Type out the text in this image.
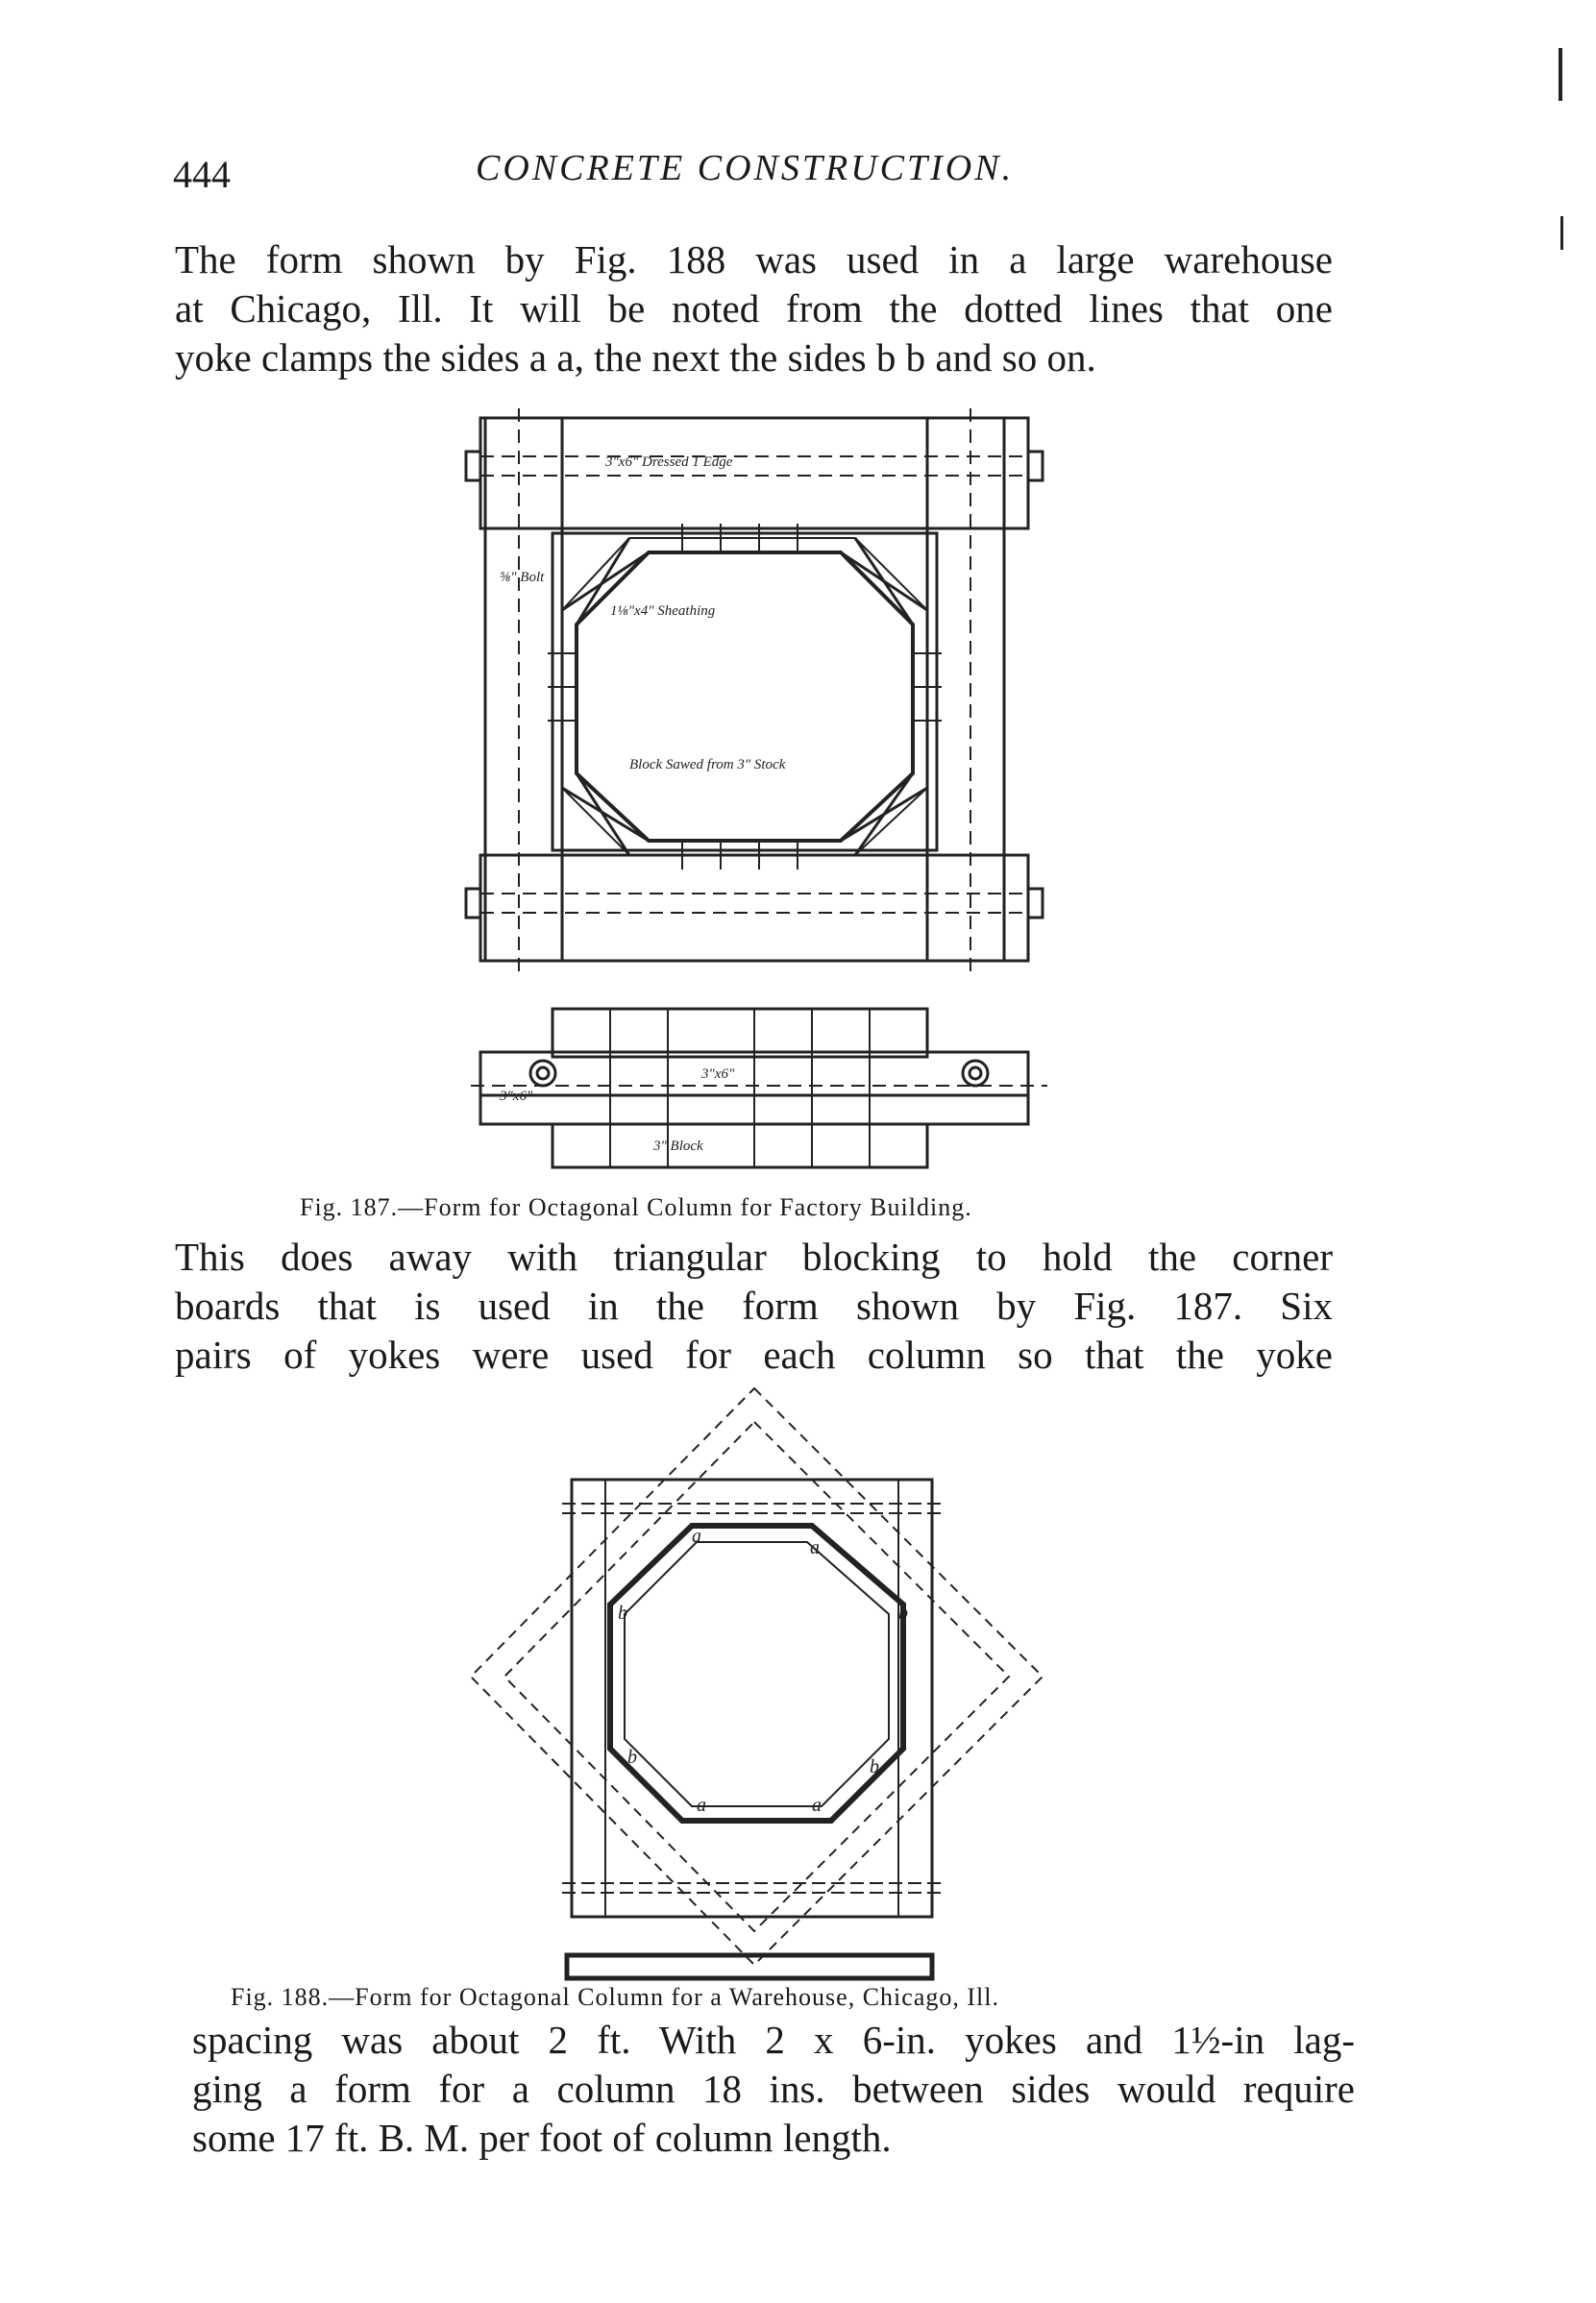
444	CONCRETE CONSTRUCTION.
The form shown by Fig. 188 was used in a large warehouse
at Chicago, Ill. It will be noted from the dotted lines that one
yoke clamps the sides a a, the next the sides b b and so on.
3"x6" Dressed 1 Edge
⅝" Bolt
1⅛"x4" Sheathing
Block Sawed from 3" Stock
3"x6"
3"x6"
3" Block
Fig. 187.—Form for Octagonal Column for Factory Building.
This does away with triangular blocking to hold the corner
boards that is used in the form shown by Fig. 187. Six
pairs of yokes were used for each column so that the yoke
a
a
b	b
b	b
a	a
Fig. 188.—Form for Octagonal Column for a Warehouse, Chicago, Ill.
spacing was about 2 ft. With 2 x 6-in. yokes and 1½-in lag-
ging a form for a column 18 ins. between sides would require
some 17 ft. B. M. per foot of column length.
